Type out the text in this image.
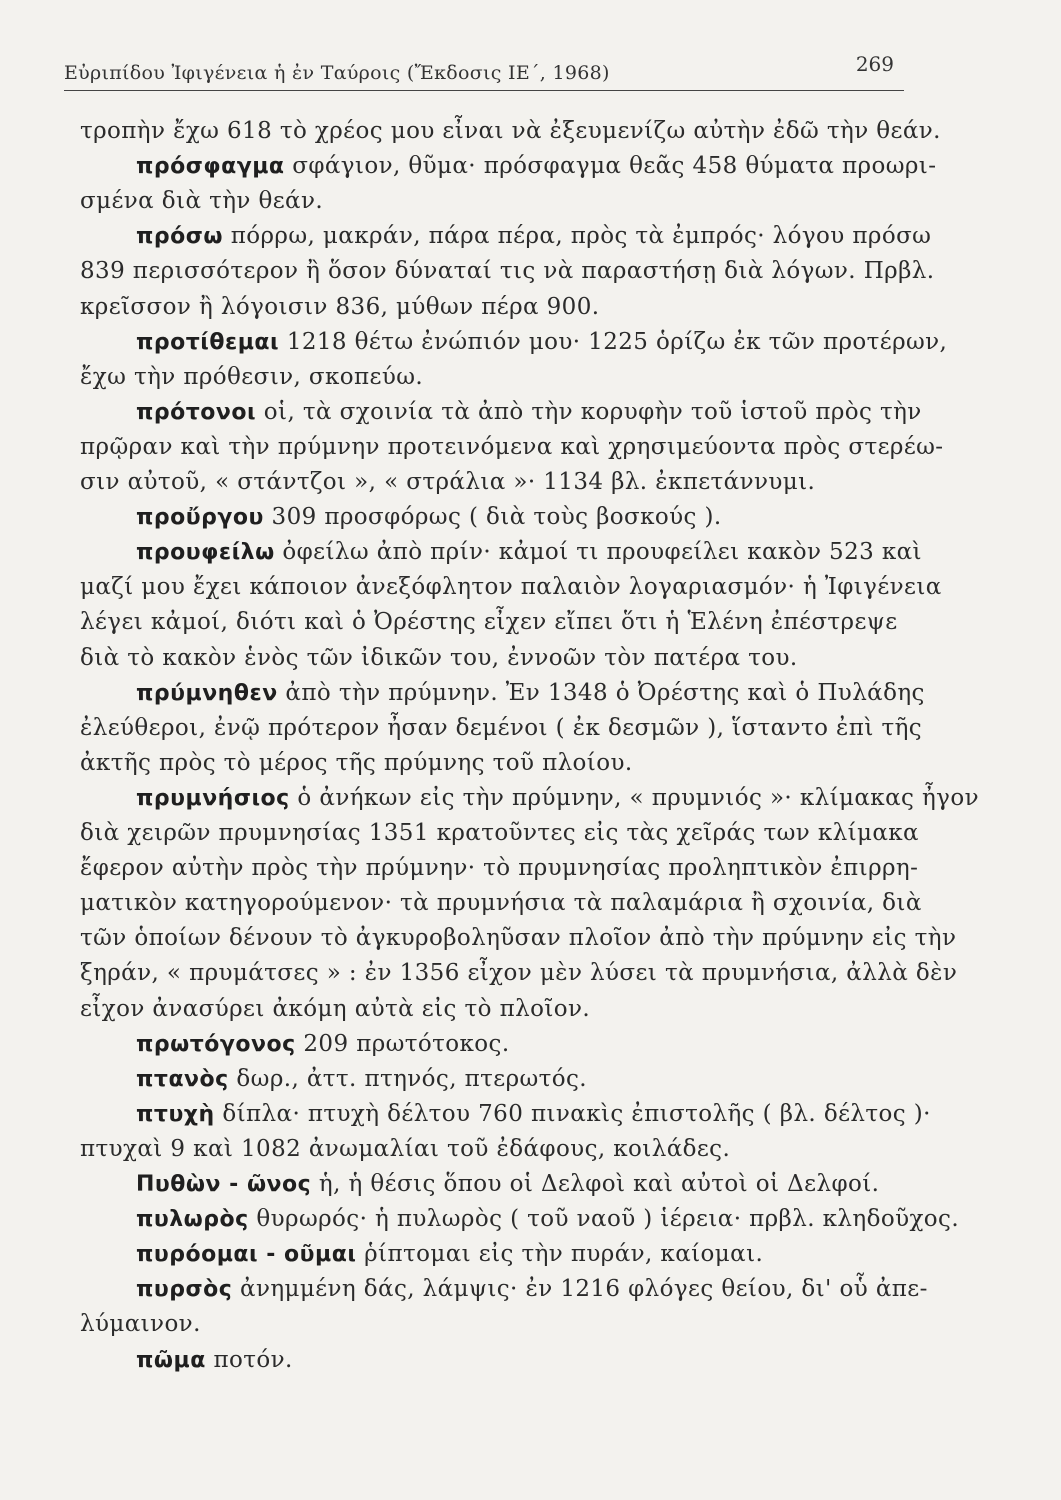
Εὐριπίδου Ἰφιγένεια ἡ ἐν Ταύροις (Ἔκδοσις ΙΕ΄, 1968)	269
τροπὴν ἔχω 618 τὸ χρέος μου εἶναι νὰ ἐξευμενίζω αὐτὴν ἐδῶ τὴν θεάν.
πρόσφαγμα σφάγιον, θῦμα· πρόσφαγμα θεᾶς 458 θύματα προωρι-
σμένα διὰ τὴν θεάν.
πρόσω πόρρω, μακράν, πάρα πέρα, πρὸς τὰ ἐμπρός· λόγου πρόσω
839 περισσότερον ἢ ὅσον δύναταί τις νὰ παραστήσῃ διὰ λόγων. Πρβλ.
κρεῖσσον ἢ λόγοισιν 836, μύθων πέρα 900.
προτίθεμαι 1218 θέτω ἐνώπιόν μου· 1225 ὁρίζω ἐκ τῶν προτέρων,
ἔχω τὴν πρόθεσιν, σκοπεύω.
πρότονοι οἱ, τὰ σχοινία τὰ ἀπὸ τὴν κορυφὴν τοῦ ἱστοῦ πρὸς τὴν
πρῷραν καὶ τὴν πρύμνην προτεινόμενα καὶ χρησιμεύοντα πρὸς στερέω-
σιν αὐτοῦ, « στάντζοι », « στράλια »· 1134 βλ. ἐκπετάννυμι.
προὔργου 309 προσφόρως ( διὰ τοὺς βοσκούς ).
προυφείλω ὀφείλω ἀπὸ πρίν· κἀμοί τι προυφείλει κακὸν 523 καὶ
μαζί μου ἔχει κάποιον ἀνεξόφλητον παλαιὸν λογαριασμόν· ἡ Ἰφιγένεια
λέγει κἀμοί, διότι καὶ ὁ Ὀρέστης εἶχεν εἴπει ὅτι ἡ Ἑλένη ἐπέστρεψε
διὰ τὸ κακὸν ἑνὸς τῶν ἰδικῶν του, ἐννοῶν τὸν πατέρα του.
πρύμνηθεν ἀπὸ τὴν πρύμνην. Ἐν 1348 ὁ Ὀρέστης καὶ ὁ Πυλάδης
ἐλεύθεροι, ἐνῷ πρότερον ἦσαν δεμένοι ( ἐκ δεσμῶν ), ἵσταντο ἐπὶ τῆς
ἀκτῆς πρὸς τὸ μέρος τῆς πρύμνης τοῦ πλοίου.
πρυμνήσιος ὁ ἀνήκων εἰς τὴν πρύμνην, « πρυμνιός »· κλίμακας ἦγον
διὰ χειρῶν πρυμνησίας 1351 κρατοῦντες εἰς τὰς χεῖράς των κλίμακα
ἔφερον αὐτὴν πρὸς τὴν πρύμνην· τὸ πρυμνησίας προληπτικὸν ἐπιρρη-
ματικὸν κατηγορούμενον· τὰ πρυμνήσια τὰ παλαμάρια ἢ σχοινία, διὰ
τῶν ὁποίων δένουν τὸ ἀγκυροβοληῦσαν πλοῖον ἀπὸ τὴν πρύμνην εἰς τὴν
ξηράν, « πρυμάτσες » : ἐν 1356 εἶχον μὲν λύσει τὰ πρυμνήσια, ἀλλὰ δὲν
εἶχον ἀνασύρει ἀκόμη αὐτὰ εἰς τὸ πλοῖον.
πρωτόγονος 209 πρωτότοκος.
πτανὸς δωρ., ἀττ. πτηνός, πτερωτός.
πτυχὴ δίπλα· πτυχὴ δέλτου 760 πινακὶς ἐπιστολῆς ( βλ. δέλτος )·
πτυχαὶ 9 καὶ 1082 ἀνωμαλίαι τοῦ ἐδάφους, κοιλάδες.
Πυθὼν - ῶνος ἡ, ἡ θέσις ὅπου οἱ Δελφοὶ καὶ αὐτοὶ οἱ Δελφοί.
πυλωρὸς θυρωρός· ἡ πυλωρὸς ( τοῦ ναοῦ ) ἱέρεια· πρβλ. κληδοῦχος.
πυρόομαι - οῦμαι ῥίπτομαι εἰς τὴν πυράν, καίομαι.
πυρσὸς ἀνημμένη δάς, λάμψις· ἐν 1216 φλόγες θείου, δι' οὗ ἀπε-
λύμαινον.
πῶμα ποτόν.
